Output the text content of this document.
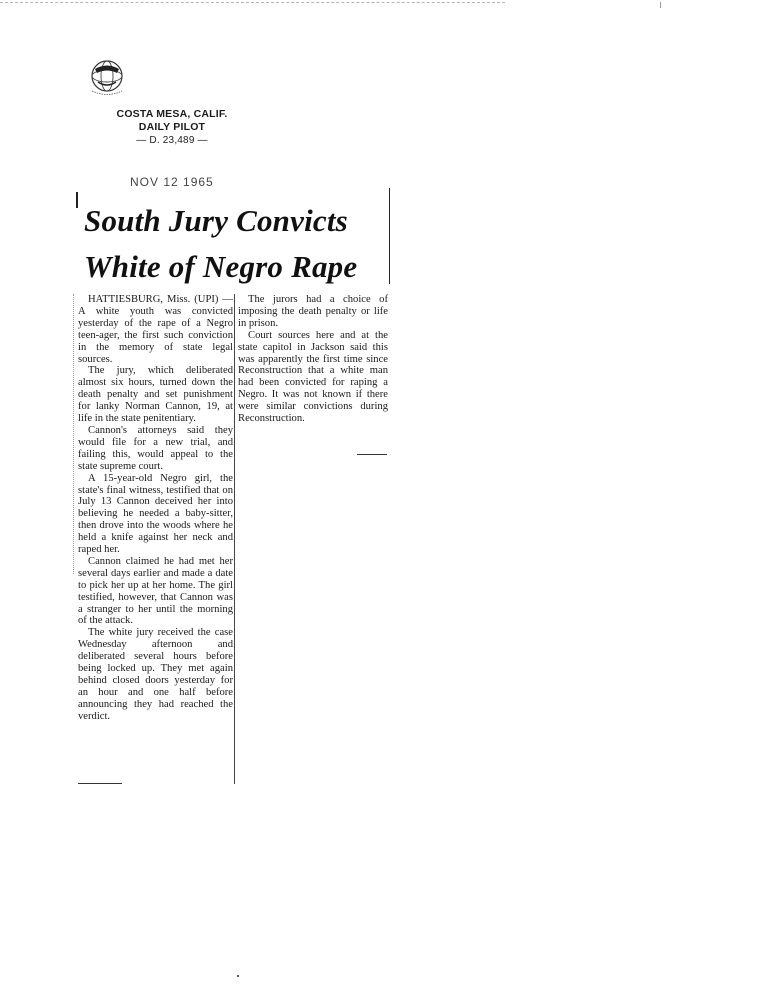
COSTA MESA, CALIF.
DAILY PILOT
— D. 23,489 —
NOV 12 1965
South Jury Convicts
White of Negro Rape

HATTIESBURG, Miss. (UPI) — A white youth was convicted yesterday of the rape of a Negro teen-ager, the first such conviction in the memory of state legal sources.

The jury, which deliberated almost six hours, turned down the death penalty and set punishment for lanky Norman Cannon, 19, at life in the state penitentiary.

Cannon's attorneys said they would file for a new trial, and failing this, would appeal to the state supreme court.

A 15-year-old Negro girl, the state's final witness, testified that on July 13 Cannon deceived her into believing he needed a baby-sitter, then drove into the woods where he held a knife against her neck and raped her.

Cannon claimed he had met her several days earlier and made a date to pick her up at her home. The girl testified, however, that Cannon was a stranger to her until the morning of the attack.

The white jury received the case Wednesday afternoon and deliberated several hours before being locked up. They met again behind closed doors yesterday for an hour and one half before announcing they had reached the verdict.

The jurors had a choice of imposing the death penalty or life in prison.

Court sources here and at the state capitol in Jackson said this was apparently the first time since Reconstruction that a white man had been convicted for raping a Negro. It was not known if there were similar convictions during Reconstruction.
